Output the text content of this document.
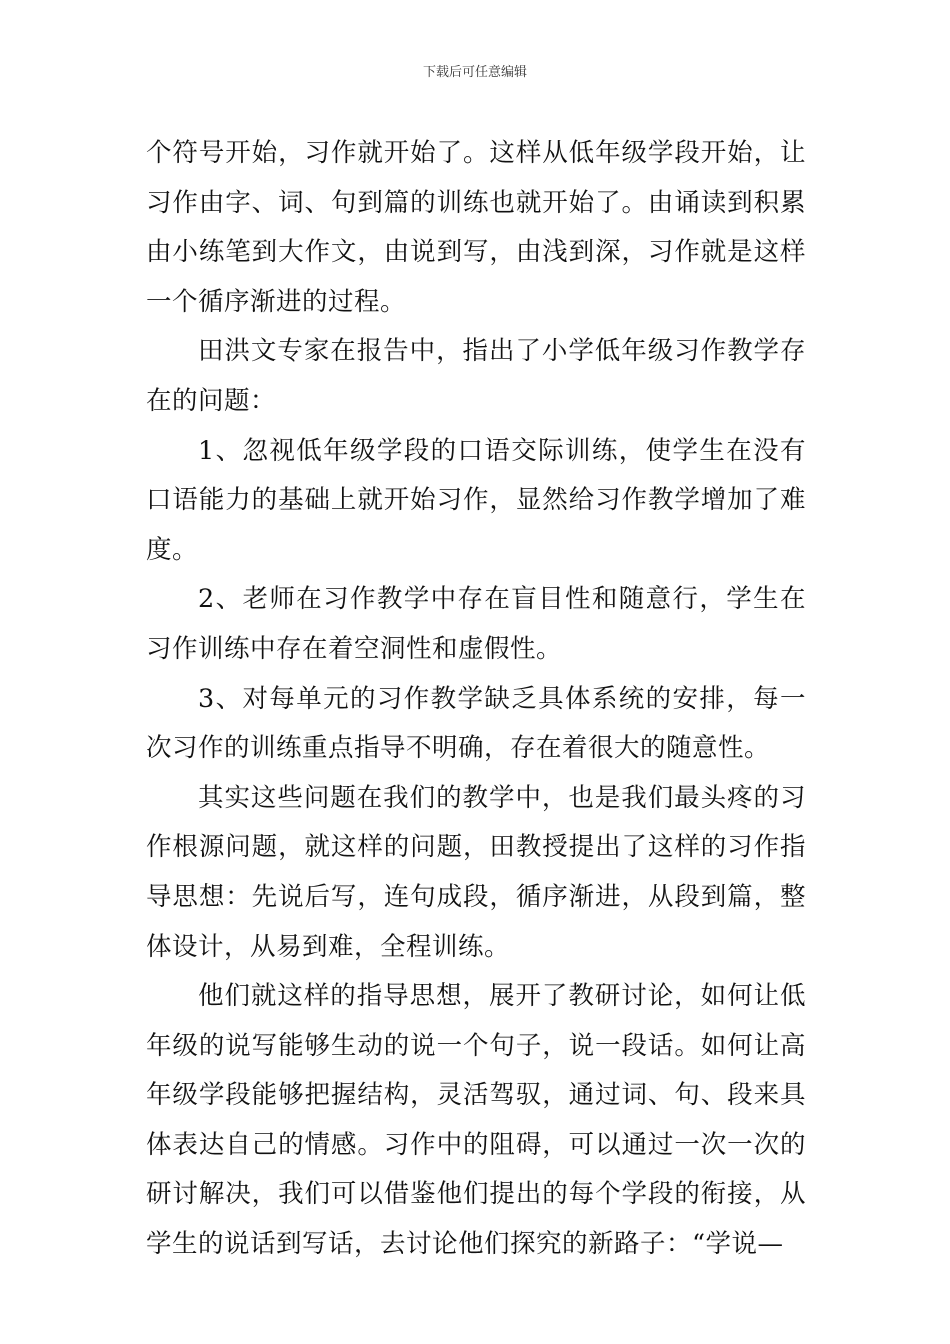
下载后可任意编辑

个符号开始，习作就开始了。这样从低年级学段开始，让习作由字、词、句到篇的训练也就开始了。由诵读到积累由小练笔到大作文，由说到写，由浅到深，习作就是这样一个循序渐进的过程。

田洪文专家在报告中，指出了小学低年级习作教学存在的问题：

1、忽视低年级学段的口语交际训练，使学生在没有口语能力的基础上就开始习作，显然给习作教学增加了难度。

2、老师在习作教学中存在盲目性和随意行，学生在习作训练中存在着空洞性和虚假性。

3、对每单元的习作教学缺乏具体系统的安排，每一次习作的训练重点指导不明确，存在着很大的随意性。

其实这些问题在我们的教学中，也是我们最头疼的习作根源问题，就这样的问题，田教授提出了这样的习作指导思想：先说后写，连句成段，循序渐进，从段到篇，整体设计，从易到难，全程训练。

他们就这样的指导思想，展开了教研讨论，如何让低年级的说写能够生动的说一个句子，说一段话。如何让高年级学段能够把握结构，灵活驾驭，通过词、句、段来具体表达自己的情感。习作中的阻碍，可以通过一次一次的研讨解决，我们可以借鉴他们提出的每个学段的衔接，从学生的说话到写话，去讨论他们探究的新路子：“学说—
